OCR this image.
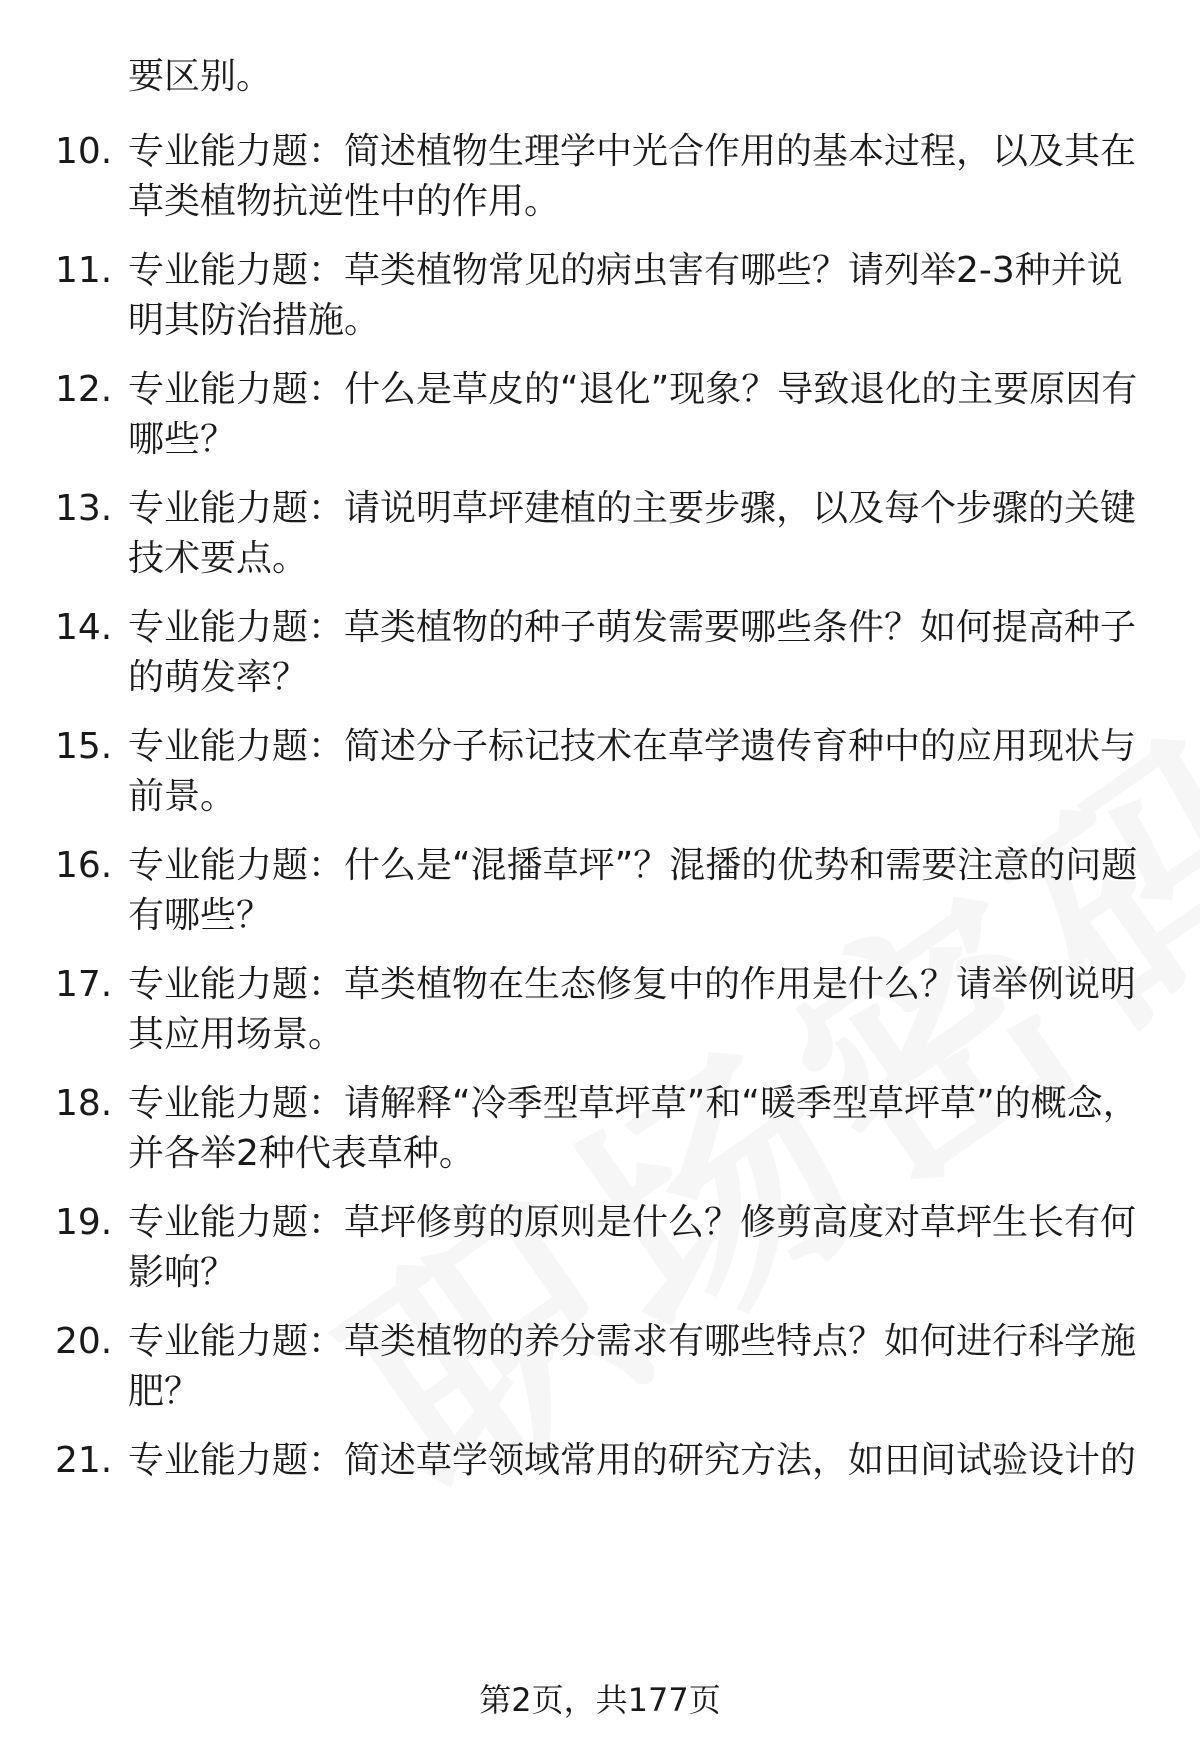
要区别。
10. 专业能力题：简述植物生理学中光合作用的基本过程，以及其在草类植物抗逆性中的作用。
11. 专业能力题：草类植物常见的病虫害有哪些？请列举2-3种并说明其防治措施。
12. 专业能力题：什么是草皮的“退化”现象？导致退化的主要原因有哪些？
13. 专业能力题：请说明草坪建植的主要步骤，以及每个步骤的关键技术要点。
14. 专业能力题：草类植物的种子萌发需要哪些条件？如何提高种子的萌发率？
15. 专业能力题：简述分子标记技术在草学遗传育种中的应用现状与前景。
16. 专业能力题：什么是“混播草坪”？混播的优势和需要注意的问题有哪些？
17. 专业能力题：草类植物在生态修复中的作用是什么？请举例说明其应用场景。
18. 专业能力题：请解释“冷季型草坪草”和“暖季型草坪草”的概念，并各举2种代表草种。
19. 专业能力题：草坪修剪的原则是什么？修剪高度对草坪生长有何影响？
20. 专业能力题：草类植物的养分需求有哪些特点？如何进行科学施肥？
21. 专业能力题：简述草学领域常用的研究方法，如田间试验设计的
第2页，共177页
